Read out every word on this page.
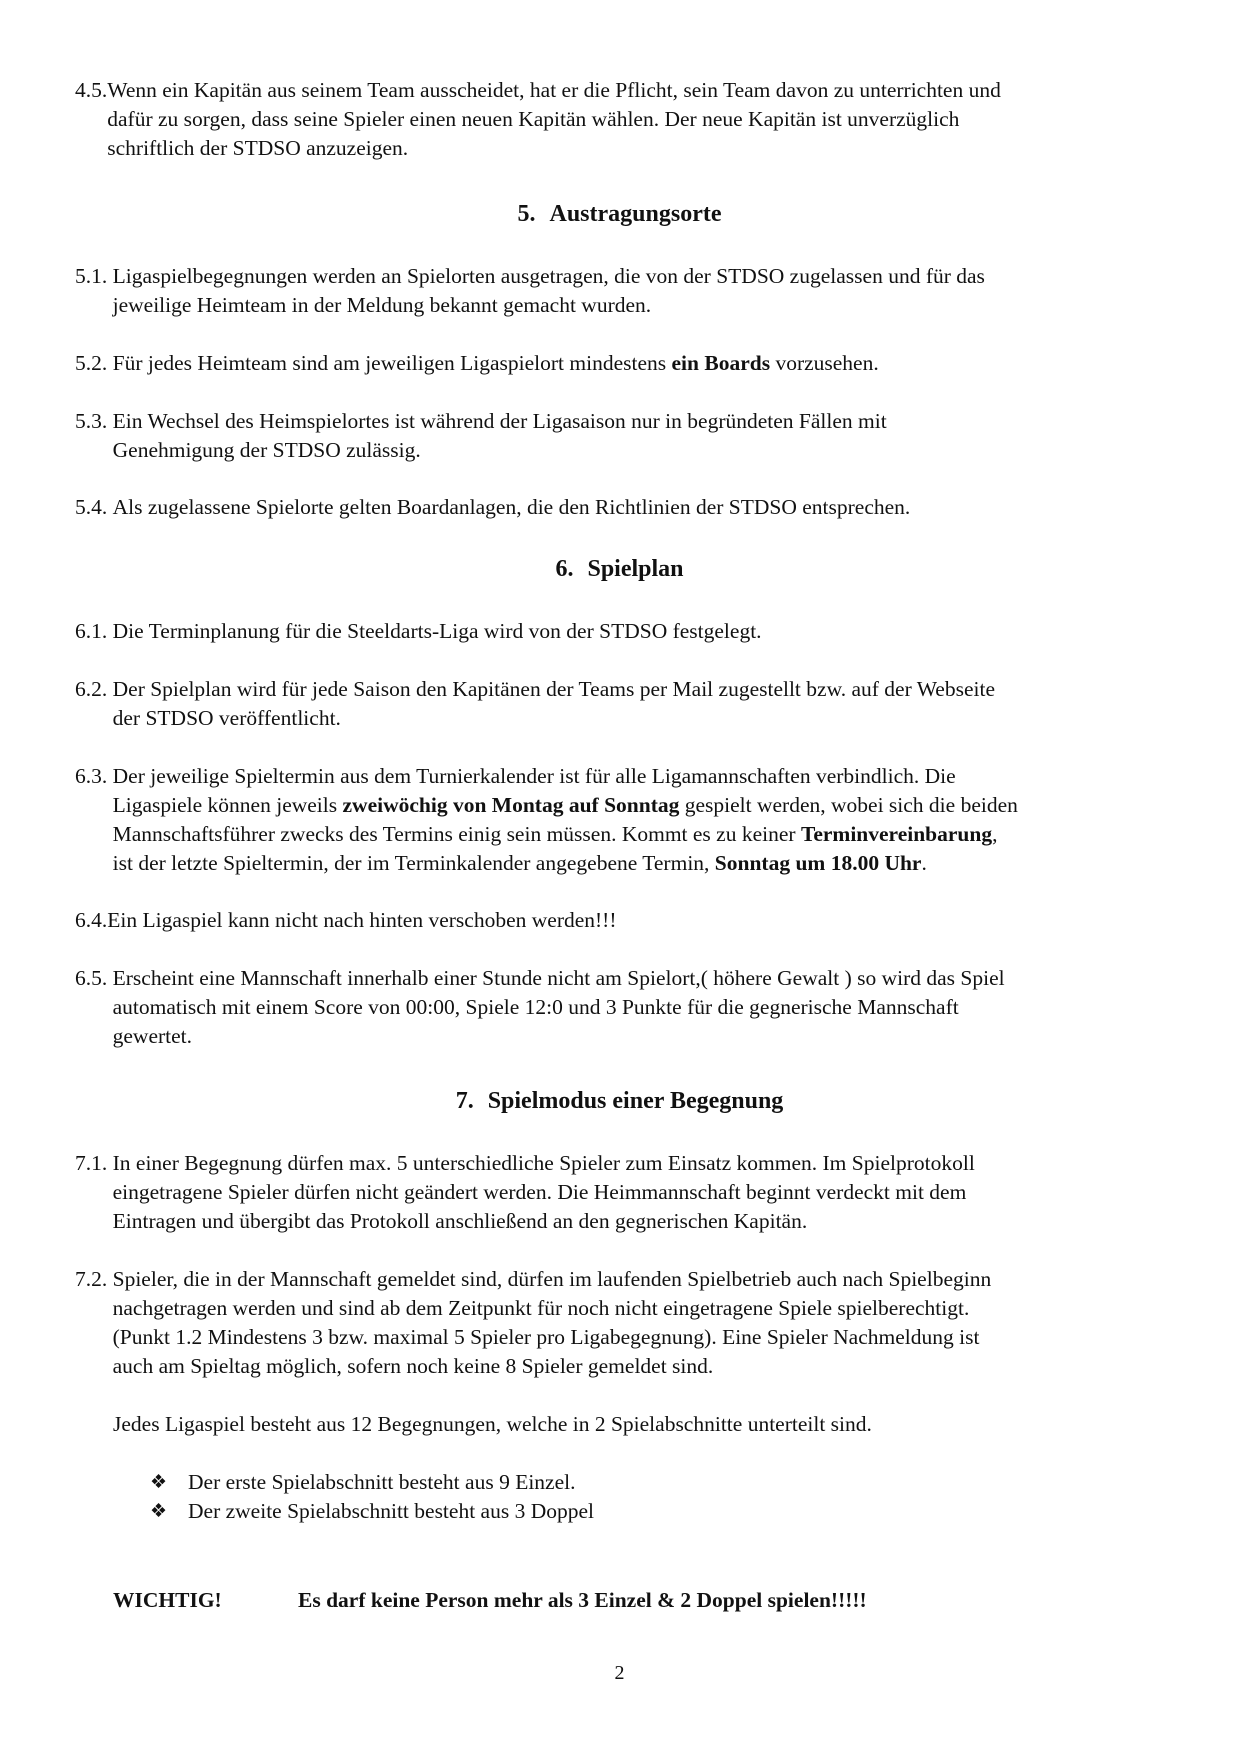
4.5. Wenn ein Kapitän aus seinem Team ausscheidet, hat er die Pflicht, sein Team davon zu unterrichten und
dafür zu sorgen, dass seine Spieler einen neuen Kapitän wählen. Der neue Kapitän ist unverzüglich
schriftlich der STDSO anzuzeigen.
5. Austragungsorte
5.1. Ligaspielbegegnungen werden an Spielorten ausgetragen, die von der STDSO zugelassen und für das
jeweilige Heimteam in der Meldung bekannt gemacht wurden.
5.2. Für jedes Heimteam sind am jeweiligen Ligaspielort mindestens ein Boards vorzusehen.
5.3. Ein Wechsel des Heimspielortes ist während der Ligasaison nur in begründeten Fällen mit
Genehmigung der STDSO zulässig.
5.4. Als zugelassene Spielorte gelten Boardanlagen, die den Richtlinien der STDSO entsprechen.
6. Spielplan
6.1. Die Terminplanung für die Steeldarts-Liga wird von der STDSO festgelegt.
6.2. Der Spielplan wird für jede Saison den Kapitänen der Teams per Mail zugestellt bzw. auf der Webseite
der STDSO veröffentlicht.
6.3. Der jeweilige Spieltermin aus dem Turnierkalender ist für alle Ligamannschaften verbindlich. Die
Ligaspiele können jeweils zweiwöchig von Montag auf Sonntag gespielt werden, wobei sich die beiden
Mannschaftsführer zwecks des Termins einig sein müssen. Kommt es zu keiner Terminvereinbarung,
ist der letzte Spieltermin, der im Terminkalender angegebene Termin, Sonntag um 18.00 Uhr.
6.4. Ein Ligaspiel kann nicht nach hinten verschoben werden!!!
6.5. Erscheint eine Mannschaft innerhalb einer Stunde nicht am Spielort,( höhere Gewalt ) so wird das Spiel
automatisch mit einem Score von 00:00, Spiele 12:0 und 3 Punkte für die gegnerische Mannschaft
gewertet.
7. Spielmodus einer Begegnung
7.1. In einer Begegnung dürfen max. 5 unterschiedliche Spieler zum Einsatz kommen. Im Spielprotokoll
eingetragene Spieler dürfen nicht geändert werden. Die Heimmannschaft beginnt verdeckt mit dem
Eintragen und übergibt das Protokoll anschließend an den gegnerischen Kapitän.
7.2. Spieler, die in der Mannschaft gemeldet sind, dürfen im laufenden Spielbetrieb auch nach Spielbeginn
nachgetragen werden und sind ab dem Zeitpunkt für noch nicht eingetragene Spiele spielberechtigt.
(Punkt 1.2 Mindestens 3 bzw. maximal 5 Spieler pro Ligabegegnung). Eine Spieler Nachmeldung ist
auch am Spieltag möglich, sofern noch keine 8 Spieler gemeldet sind.
Jedes Ligaspiel besteht aus 12 Begegnungen, welche in 2 Spielabschnitte unterteilt sind.
❖ Der erste Spielabschnitt besteht aus 9 Einzel.
❖ Der zweite Spielabschnitt besteht aus 3 Doppel
WICHTIG!	Es darf keine Person mehr als 3 Einzel & 2 Doppel spielen!!!!!
2
